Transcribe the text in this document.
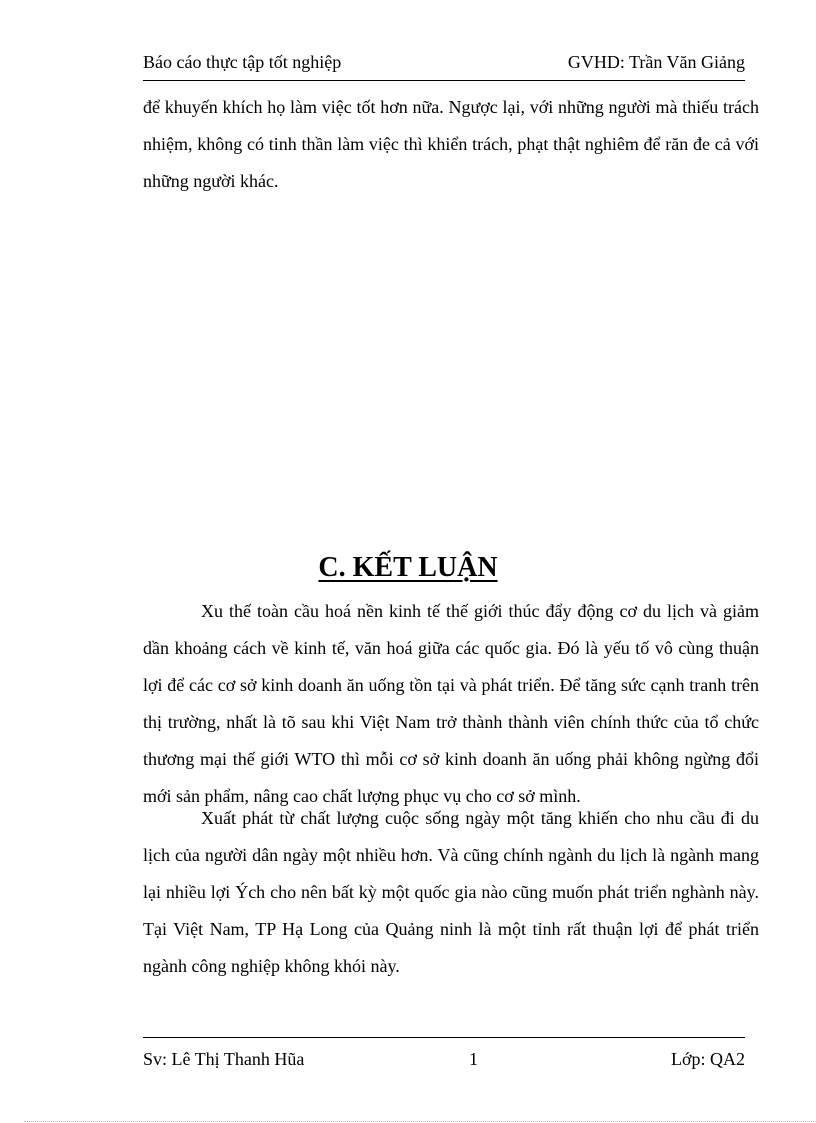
Báo cáo thực tập tốt nghiệp	GVHD: Trần Văn Giảng

để khuyến khích họ làm việc tốt hơn nữa. Ngược lại, với những người mà thiếu trách nhiệm, không có tinh thần làm việc thì khiển trách, phạt thật nghiêm để răn đe cả với những người khác.

C. KẾT LUẬN

Xu thế toàn cầu hoá nền kinh tế thế giới thúc đẩy động cơ du lịch và giảm dần khoảng cách về kinh tế, văn hoá giữa các quốc gia. Đó là yếu tố vô cùng thuận lợi để các cơ sở kinh doanh ăn uống tồn tại và phát triển. Để tăng sức cạnh tranh trên thị trường, nhất là tõ sau khi Việt Nam trở thành thành viên chính thức của tổ chức thương mại thế giới WTO thì mỗi cơ sở kinh doanh ăn uống phải không ngừng đổi mới sản phẩm, nâng cao chất lượng phục vụ cho cơ sở mình.

Xuất phát từ chất lượng cuộc sống ngày một tăng khiến cho nhu cầu đi du lịch của người dân ngày một nhiều hơn. Và cũng chính ngành du lịch là ngành mang lại nhiều lợi Ých cho nên bất kỳ một quốc gia nào cũng muốn phát triển nghành này. Tại Việt Nam, TP Hạ Long của Quảng ninh là một tỉnh rất thuận lợi để phát triển ngành công nghiệp không khói này.

Sv: Lê Thị Thanh Hũa	1	Lớp: QA2
